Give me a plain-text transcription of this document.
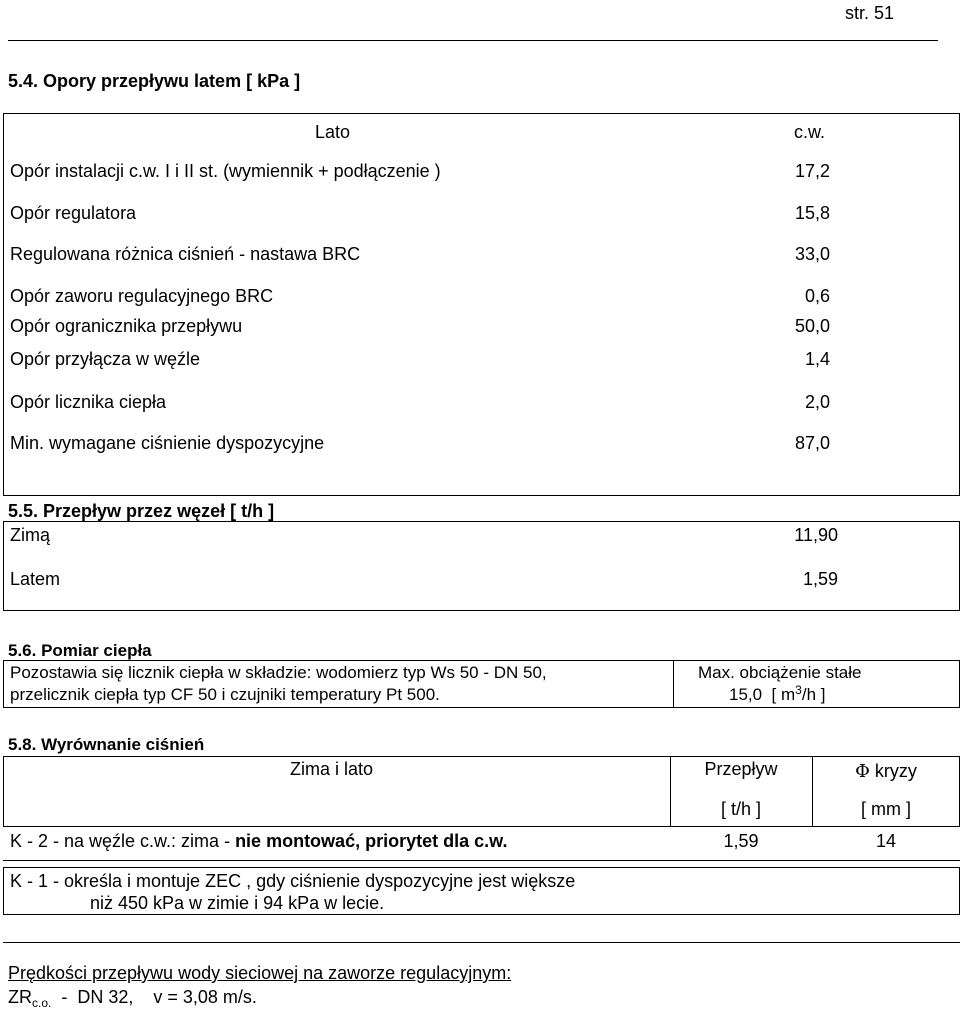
str. 51
5.4. Opory przepływu latem [ kPa ]
Lato	c.w.
Opór instalacji c.w. I i II st. (wymiennik + podłączenie )	17,2
Opór regulatora	15,8
Regulowana różnica ciśnień - nastawa BRC	33,0
Opór zaworu regulacyjnego BRC	0,6
Opór ogranicznika przepływu	50,0
Opór przyłącza w węźle	1,4
Opór licznika ciepła	2,0
Min. wymagane ciśnienie dyspozycyjne	87,0
5.5. Przepływ przez węzeł [ t/h ]
Zimą	11,90
Latem	1,59
5.6. Pomiar ciepła
Pozostawia się licznik ciepła w składzie: wodomierz typ Ws 50 - DN 50,
przelicznik ciepła typ CF 50 i czujniki temperatury Pt 500.
Max. obciążenie stałe
15,0 [ $m^3/h$ ]
5.8. Wyrównanie ciśnień
Zima i lato	Przepływ	Φ kryzy
[ t/h ]	[ mm ]
K - 2 - na węźle c.w.: zima - nie montować, priorytet dla c.w.	1,59	14
K - 1 - określa i montuje ZEC , gdy ciśnienie dyspozycyjne jest większe
niż 450 kPa w zimie i 94 kPa w lecie.
Prędkości przepływu wody sieciowej na zaworze regulacyjnym:
$ZR_{c.o.}$  -  DN 32,    v = 3,08 m/s.
